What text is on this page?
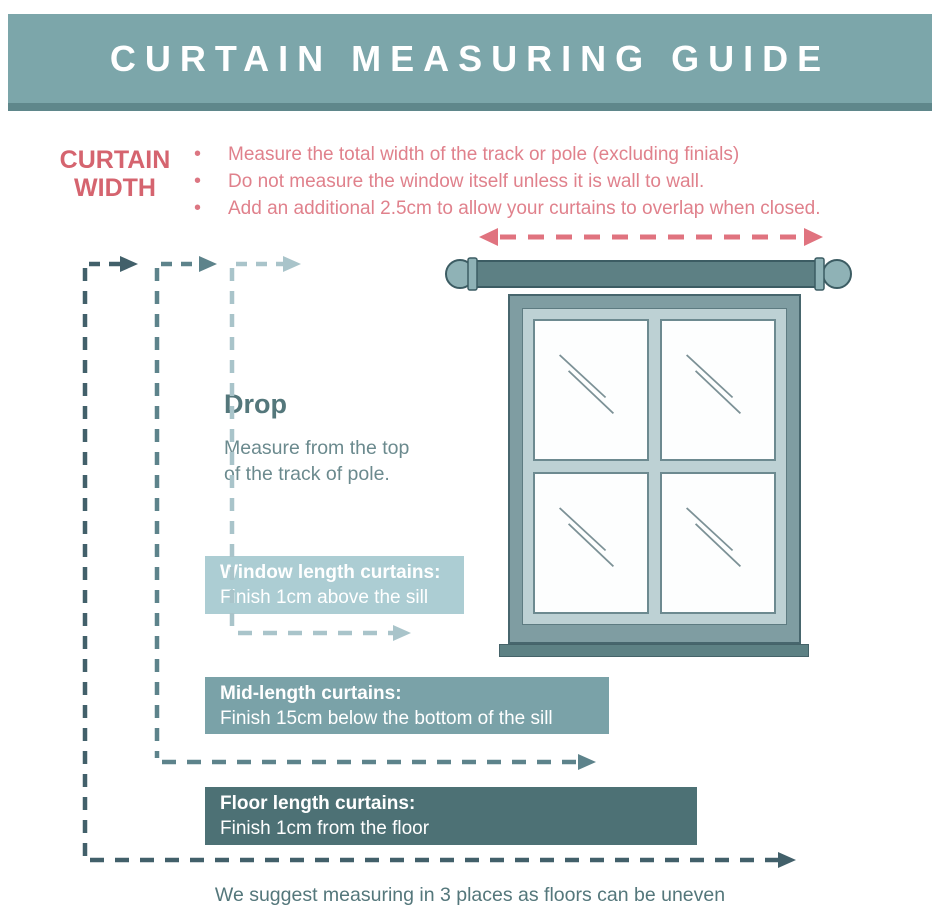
CURTAIN MEASURING GUIDE
CURTAIN
WIDTH
• Measure the total width of the track or pole (excluding finials)
• Do not measure the window itself unless it is wall to wall.
• Add an additional 2.5cm to allow your curtains to overlap when closed.
Drop
Measure from the top
of the track of pole.
Window length curtains:
Finish 1cm above the sill
Mid-length curtains:
Finish 15cm below the bottom of the sill
Floor length curtains:
Finish 1cm from the floor
We suggest measuring in 3 places as floors can be uneven
